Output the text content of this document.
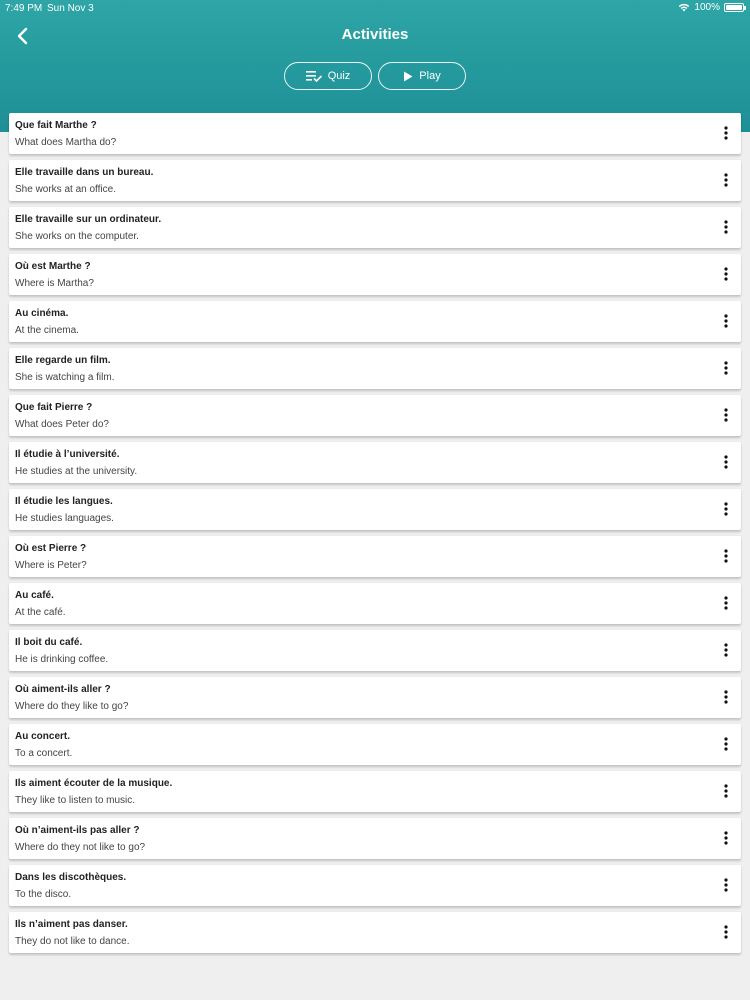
7:49 PM Sun Nov 3	100%
Activities
Quiz	Play
Que fait Marthe ?
What does Martha do?
Elle travaille dans un bureau.
She works at an office.
Elle travaille sur un ordinateur.
She works on the computer.
Où est Marthe ?
Where is Martha?
Au cinéma.
At the cinema.
Elle regarde un film.
She is watching a film.
Que fait Pierre ?
What does Peter do?
Il étudie à l’université.
He studies at the university.
Il étudie les langues.
He studies languages.
Où est Pierre ?
Where is Peter?
Au café.
At the café.
Il boit du café.
He is drinking coffee.
Où aiment-ils aller ?
Where do they like to go?
Au concert.
To a concert.
Ils aiment écouter de la musique.
They like to listen to music.
Où n’aiment-ils pas aller ?
Where do they not like to go?
Dans les discothèques.
To the disco.
Ils n’aiment pas danser.
They do not like to dance.
